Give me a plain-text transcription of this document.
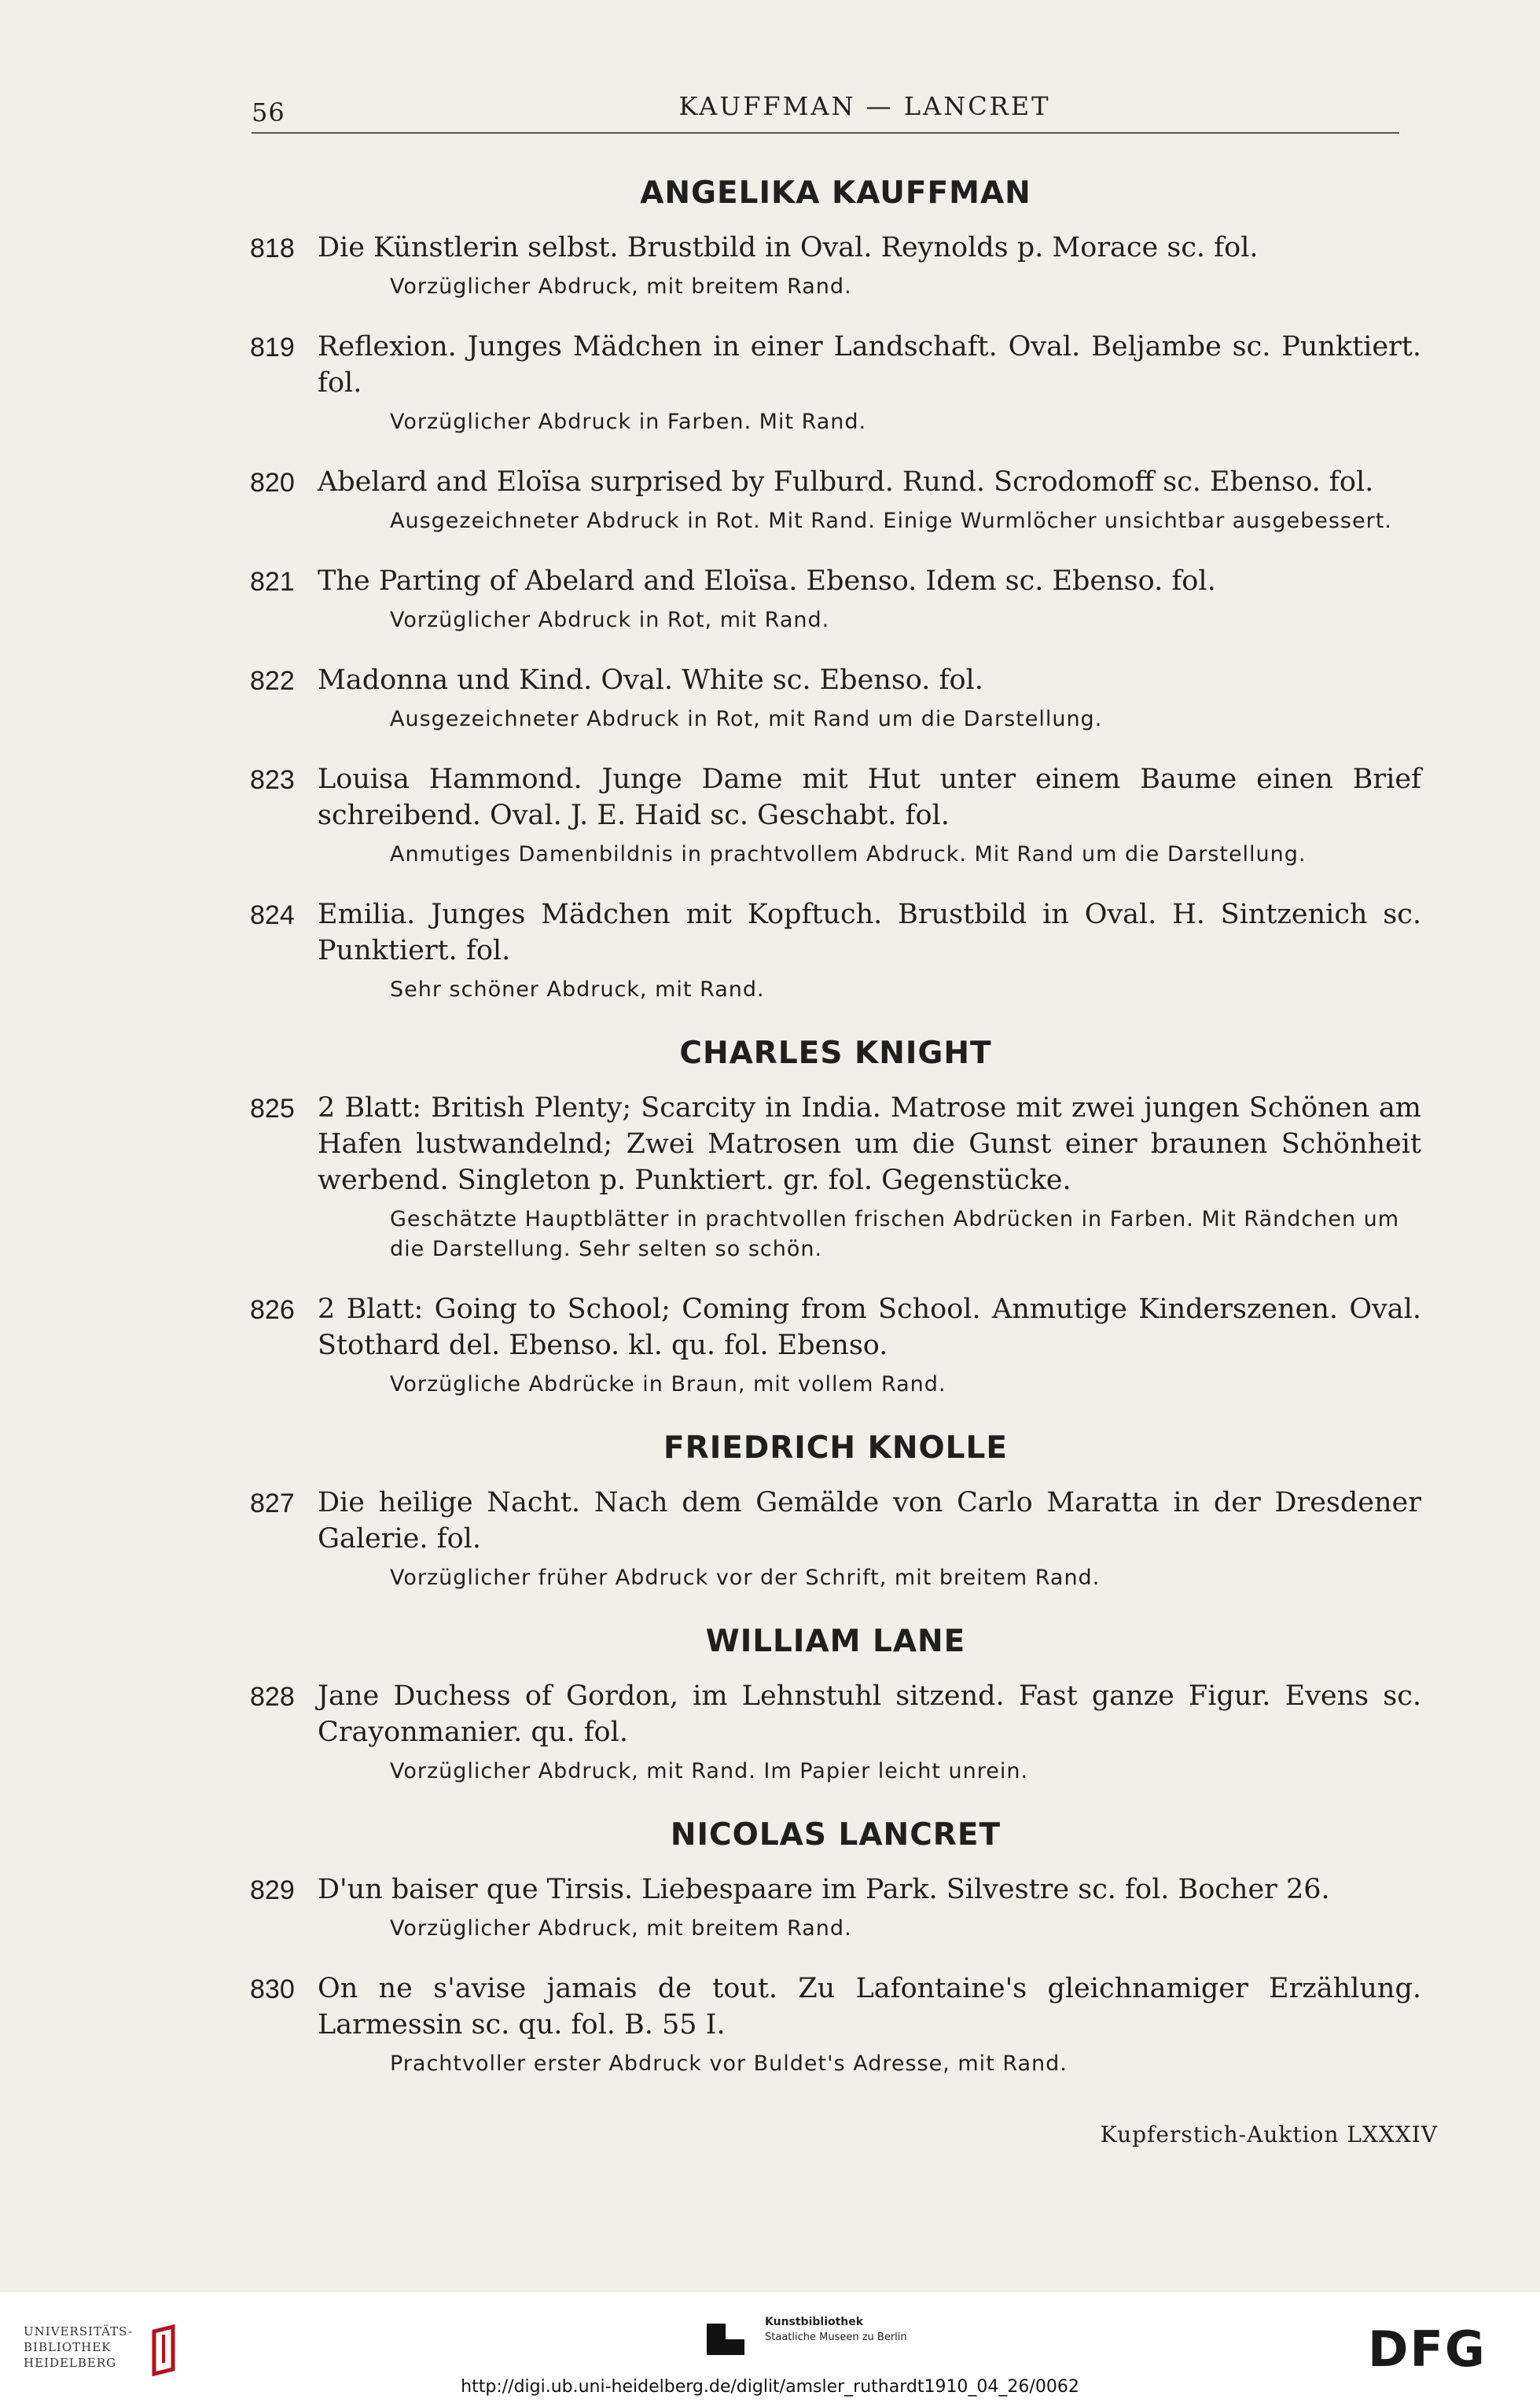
56	KAUFFMAN — LANCRET
ANGELIKA KAUFFMAN
818 Die Künstlerin selbst. Brustbild in Oval. Reynolds p. Morace sc. fol.
Vorzüglicher Abdruck, mit breitem Rand.
819 Reflexion. Junges Mädchen in einer Landschaft. Oval. Beljambe sc. Punktiert. fol.
Vorzüglicher Abdruck in Farben. Mit Rand.
820 Abelard and Eloïsa surprised by Fulburd. Rund. Scrodomoff sc. Ebenso. fol.
Ausgezeichneter Abdruck in Rot. Mit Rand. Einige Wurmlöcher unsichtbar ausgebessert.
821 The Parting of Abelard and Eloïsa. Ebenso. Idem sc. Ebenso. fol.
Vorzüglicher Abdruck in Rot, mit Rand.
822 Madonna und Kind. Oval. White sc. Ebenso. fol.
Ausgezeichneter Abdruck in Rot, mit Rand um die Darstellung.
823 Louisa Hammond. Junge Dame mit Hut unter einem Baume einen Brief schreibend. Oval. J. E. Haid sc. Geschabt. fol.
Anmutiges Damenbildnis in prachtvollem Abdruck. Mit Rand um die Darstellung.
824 Emilia. Junges Mädchen mit Kopftuch. Brustbild in Oval. H. Sintzenich sc. Punktiert. fol.
Sehr schöner Abdruck, mit Rand.
CHARLES KNIGHT
825 2 Blatt: British Plenty; Scarcity in India. Matrose mit zwei jungen Schönen am Hafen lustwandelnd; Zwei Matrosen um die Gunst einer braunen Schönheit werbend. Singleton p. Punktiert. gr. fol. Gegenstücke.
Geschätzte Hauptblätter in prachtvollen frischen Abdrücken in Farben. Mit Rändchen um die Darstellung. Sehr selten so schön.
826 2 Blatt: Going to School; Coming from School. Anmutige Kinderszenen. Oval. Stothard del. Ebenso. kl. qu. fol. Ebenso.
Vorzügliche Abdrücke in Braun, mit vollem Rand.
FRIEDRICH KNOLLE
827 Die heilige Nacht. Nach dem Gemälde von Carlo Maratta in der Dresdener Galerie. fol.
Vorzüglicher früher Abdruck vor der Schrift, mit breitem Rand.
WILLIAM LANE
828 Jane Duchess of Gordon, im Lehnstuhl sitzend. Fast ganze Figur. Evens sc. Crayonmanier. qu. fol.
Vorzüglicher Abdruck, mit Rand. Im Papier leicht unrein.
NICOLAS LANCRET
829 D'un baiser que Tirsis. Liebespaare im Park. Silvestre sc. fol. Bocher 26.
Vorzüglicher Abdruck, mit breitem Rand.
830 On ne s'avise jamais de tout. Zu Lafontaine's gleichnamiger Erzählung. Larmessin sc. qu. fol. B. 55 I.
Prachtvoller erster Abdruck vor Buldet's Adresse, mit Rand.
Kupferstich-Auktion LXXXIV
UNIVERSITÄTS-
BIBLIOTHEK
HEIDELBERG
Kunstbibliothek
Staatliche Museen zu Berlin	DFG
http://digi.ub.uni-heidelberg.de/diglit/amsler_ruthardt1910_04_26/0062
